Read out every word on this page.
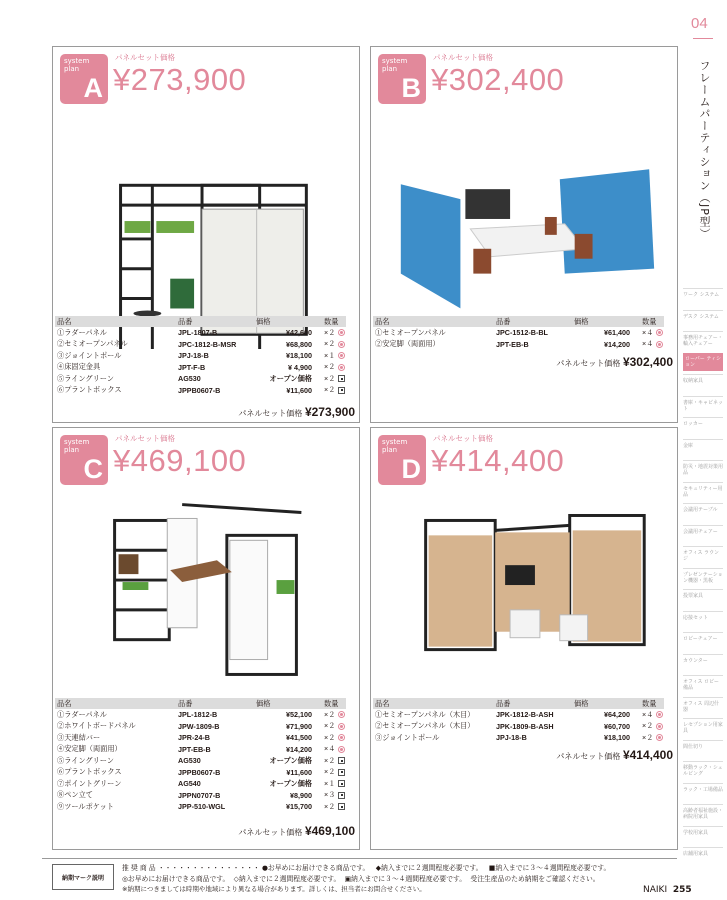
04
フレームパーティション（JP型）
ワーク システム
デスク システム
事務用チェアー・輪入チェアー
ローパー ティション
収納家具
書庫・キャビネット
ロッカー
金庫
防災・地震対策用品
セキュリティー用品
会議用テーブル
会議用チェアー
オフィス ラウンジ
プレゼンテーション機器・黒板
投票家具
応接セット
ロビーチェアー
カウンター
オフィス ロビー備品
オフィス 周辺什器
レセプション用家具
間仕切り
移動ラック・シェルビング
ラック・工場備品
高齢者福祉施設・病院用家具
学校用家具
店舗用家具
system plan
A
パネルセット価格
¥273,900
品名	品番	価格	数量
①ラダーパネル	JPL-1807-B	¥42,600	×２
②セミオープンパネル	JPC-1812-B-MSR	¥68,800	×２
③ジョイントポール	JPJ-18-B	¥18,100	×１
④床固定金具	JPT-F-B	¥ 4,900	×２
⑤ライングリーン	AG530	オープン価格	×２
⑥プラントボックス	JPPB0607-B	¥11,600	×２
パネルセット価格 ¥273,900
system plan
B
パネルセット価格
¥302,400
品名	品番	価格	数量
①セミオープンパネル	JPC-1512-B-BL	¥61,400	×４
②安定脚（両面用）	JPT-EB-B	¥14,200	×４
パネルセット価格 ¥302,400
system plan
C
パネルセット価格
¥469,100
品名	品番	価格	数量
①ラダーパネル	JPL-1812-B	¥52,100	×２
②ホワイトボードパネル	JPW-1809-B	¥71,900	×２
③天連結バー	JPR-24-B	¥41,500	×２
④安定脚（両面用）	JPT-EB-B	¥14,200	×４
⑤ライングリーン	AG530	オープン価格	×２
⑥プラントボックス	JPPB0607-B	¥11,600	×２
⑦ポイントグリーン	AG540	オープン価格	×１
⑧ペン立て	JPPN0707-B	¥8,900	×３
⑨ツールポケット	JPP-510-WGL	¥15,700	×２
パネルセット価格 ¥469,100
system plan
D
パネルセット価格
¥414,400
品名	品番	価格	数量
①セミオープンパネル（木目）	JPK-1812-B-ASH	¥64,200	×４
②セミオープンパネル（木目）	JPK-1809-B-ASH	¥60,700	×２
③ジョイントポール	JPJ-18-B	¥18,100	×２
パネルセット価格 ¥414,400
納期マーク説明
推 奨 商 品 ・・・・・・・・・・・・・・・ ●お早めにお届けできる商品です。 ◆納入までに２週間程度必要です。 ■納入までに３～４週間程度必要です。
◎お早めにお届けできる商品です。 ◇納入までに２週間程度必要です。 ▣納入までに３～４週間程度必要です。 受注生産品のため納期をご確認ください。
※納期につきましては時期や地域により異なる場合があります。詳しくは、担当者にお問合せください。	NAIKI 255
